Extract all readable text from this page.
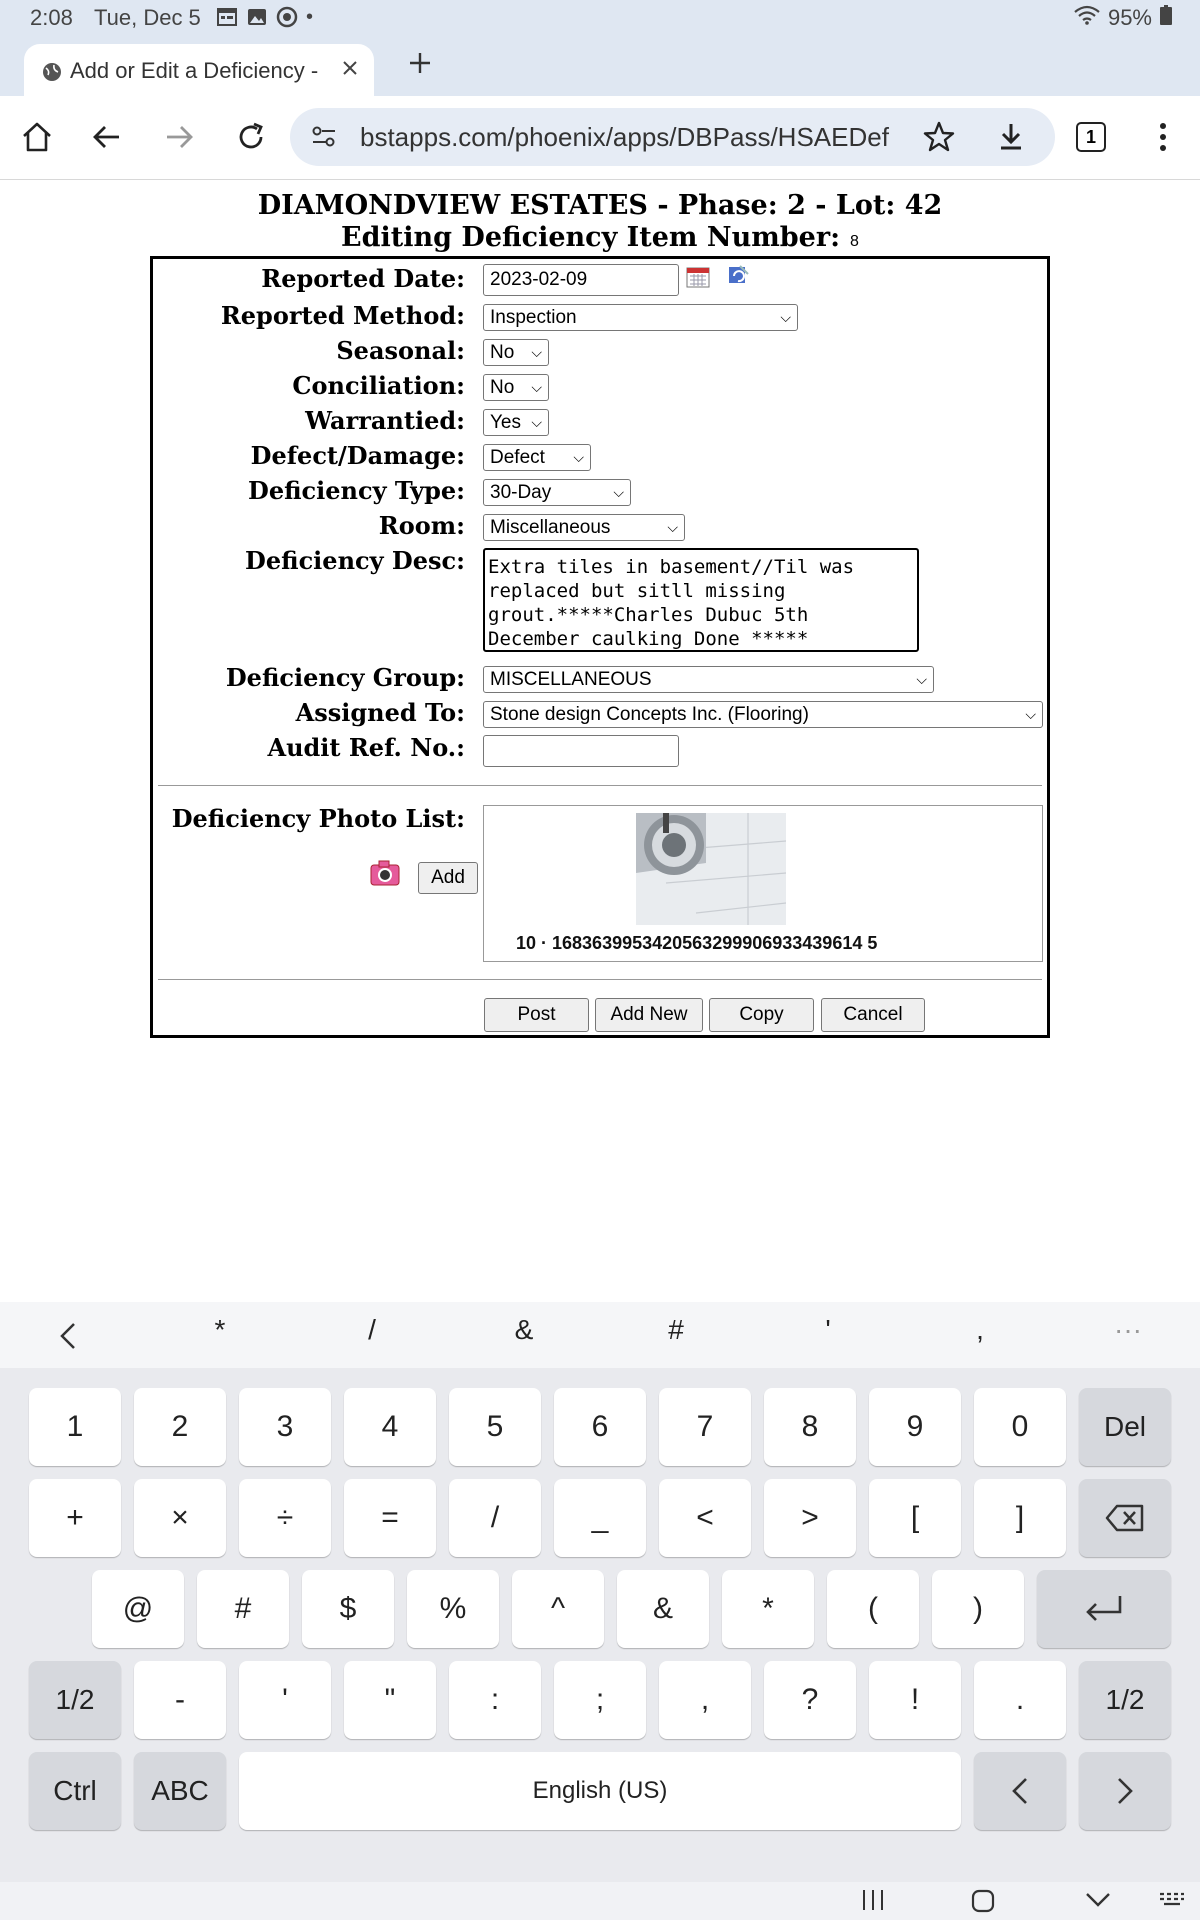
2:08 Tue, Dec 5	•	95%
Add or Edit a Deficiency -
bstapps.com/phoenix/apps/DBPass/HSAEDef	1
DIAMONDVIEW ESTATES - Phase: 2 - Lot: 42
Editing Deficiency Item Number: 8
Reported Date: 2023-02-09
Reported Method: Inspection	⌵
Seasonal: No ⌵
Conciliation: No ⌵
Warrantied: Yes ⌵
Defect/Damage: Defect ⌵
Deficiency Type: 30-Day	⌵
Room: Miscellaneous	⌵
Deficiency Desc: Extra tiles in basement//Til was
replaced but sitll missing
grout.*****Charles Dubuc 5th
December caulking Done *****
Deficiency Group: MISCELLANEOUS	⌵
Assigned To: Stone design Concepts Inc. (Flooring)	⌵
Audit Ref. No.:
Deficiency Photo List:
Add
10 · 1683639953420563299906933439614 5
Post	Add New	Copy	Cancel
*	/	&	#	'	,	···
1	2	3	4	5	6	7	8	9	0	Del
+	×	÷	=	/	_	<	>	[	]
@	#	$	%	^	&	*	(	)
1/2	-	'	"	:	;	,	?	!	.	1/2
Ctrl	ABC	English (US)
